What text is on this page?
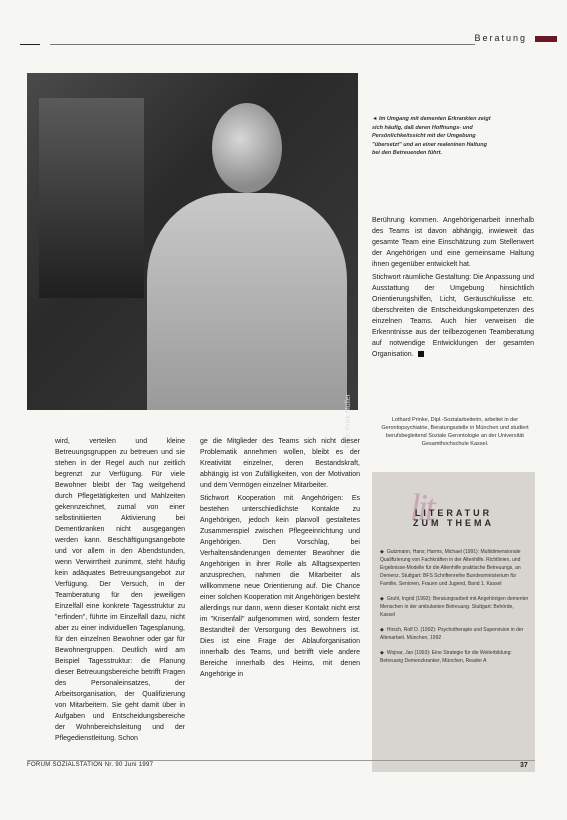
Beratung
Foto: Frisk Müller
◄ Im Umgang mit dementen Erkrankten zeigt sich häufig, daß deren Hoffnungs- und Persönlichkeitssicht mit der Umgebung "übersetzt" und an einer realeninen Haltung bei den Betreuenden führt.

Berührung kommen. Angehörigenarbeit innerhalb des Teams ist davon abhängig, inwieweit das gesamte Team eine Einschätzung zum Stellenwert der Angehörigen und eine gemeinsame Haltung ihnen gegenüber entwickelt hat.

Stichwort räumliche Gestaltung: Die Anpassung und Ausstattung der Umgebung hinsichtlich Orientierungshilfen, Licht, Geräuschkulisse etc. überschreiten die Entscheidungskompetenzen des einzelnen Teams. Auch hier verweisen die Erkenntnisse aus der teilbezogenen Teamberatung auf notwendige Entwicklungen der gesamten Organisation.

Lothard Prinke, Dipl.-Sozialarbeiterin, arbeitet in der Gerontopsychiatrie, Beratungsstelle in München und studiert berufsbegleitend Soziale Gerontologie an der Universität Gesamthochschule Kassel.

wird, verteilen und kleine Betreuungsgruppen zu betreuen und sie stehen in der Regel auch nur zeitlich begrenzt zur Verfügung. Für viele Bewohner bleibt der Tag weitgehend durch Pflegetätigkeiten und Mahlzeiten gekennzeichnet, zumal von einer selbstinitiierten Aktivierung bei Dementkranken nicht ausgegangen werden kann. Beschäftigungsangebote und vor allem in den Abendstunden, wenn Verwirrtheit zunimmt, steht häufig kein adäquates Betreuungsangebot zur Verfügung. Der Versuch, in der Teamberatung für den jeweiligen Einzelfall eine konkrete Tagesstruktur zu "erfinden", führte im Einzelfall dazu, nicht aber zu einer individuellen Tagesplanung, für den einzelnen Bewohner oder gar für Bewohnergruppen. Deutlich wird am Beispiel Tagesstruktur: die Planung dieser Betreuungsbereiche betrifft Fragen des Personaleinsatzes, der Arbeitsorganisation, der Qualifizierung von Mitarbeitern. Sie geht damit über in Aufgaben und Entscheidungsbereiche der Wohnbereichsleitung und der Pflegedienstleitung. Schon

ge die Mitglieder des Teams sich nicht dieser Problematik annehmen wollen, bleibt es der Kreativität einzelner, deren Bestandskraft, abhängig ist von Zufälligkeiten, von der Motivation und dem Vermögen einzelner Mitarbeiter.

Stichwort Kooperation mit Angehörigen: Es bestehen unterschiedlichste Kontakte zu Angehörigen, jedoch kein planvoll gestaltetes Zusammenspiel zwischen Pflegeeinrichtung und Angehörigen. Den Vorschlag, bei Verhaltensänderungen dementer Bewohner die Angehörigen in ihrer Rolle als Alltagsexperten anzusprechen, nahmen die Mitarbeiter als willkommene neue Orientierung auf. Die Chance einer solchen Kooperation mit Angehörigen besteht allerdings nur dann, wenn dieser Kontakt nicht erst im "Krisenfall" aufgenommen wird, sondern fester Bestandteil der Versorgung des Bewohners ist. Dies ist eine Frage der Ablauforganisation innerhalb des Teams, und betrifft viele andere Bereiche innerhalb des Heims, mit denen Angehörige in

lit
LITERATUR
ZUM THEMA
◆ Gutzmann, Hans; Harms, Michael (1991): Multidimensionale Qualifizierung von Fachkräften in der Altenhilfe. Richtlinien, und Ergebnisse-Modelle für die Altenhilfe praktische Betreuungs, an Demenz. Stuttgart: BFS Schriftenreihe Bundesministerium für Familie, Senioren, Frauen und Jugend, Band 1. Kassel
◆ Gruhl, Ingrid (1992): Beratungsarbeit mit Angehörigen dementer Menschen in der ambulanten Betreuung. Stuttgart: Behörde, Kassel
◆ Hirsch, Rolf D. (1992): Psychotherapie und Supervision in der Altenarbeit. München, 1992
◆ Wojnar, Jan (1993): Eine Strategie für die Weiterbildung: Betreuung Demenzkranker, München, Reader A
FORUM SOZIALSTATION Nr. 90 Juni 1997	37
